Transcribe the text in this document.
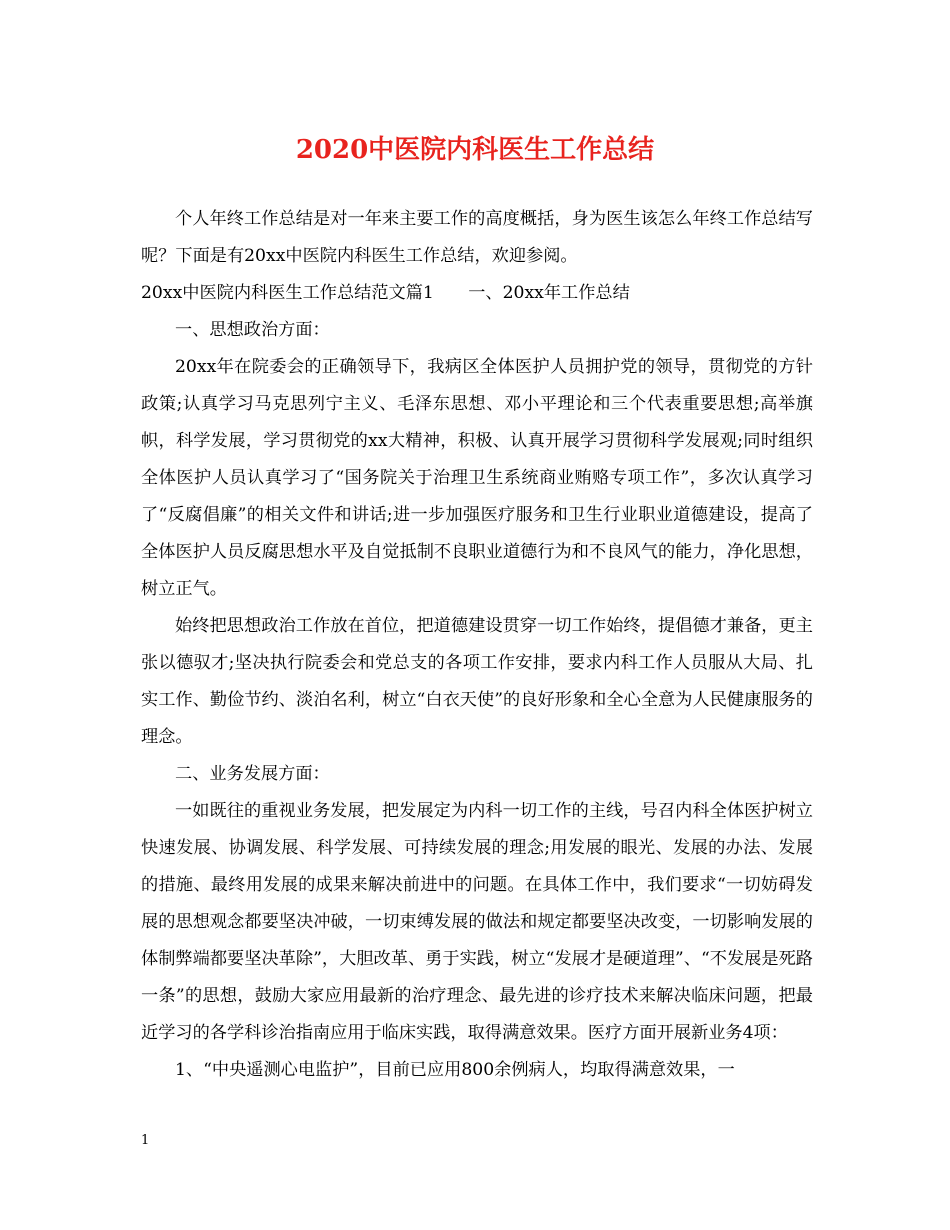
2020中医院内科医生工作总结

个人年终工作总结是对一年来主要工作的高度概括，身为医生该怎么年终工作总结写呢？下面是有20xx中医院内科医生工作总结，欢迎参阅。

20xx中医院内科医生工作总结范文篇1　　一、20xx年工作总结

一、思想政治方面：

20xx年在院委会的正确领导下，我病区全体医护人员拥护党的领导，贯彻党的方针政策;认真学习马克思列宁主义、毛泽东思想、邓小平理论和三个代表重要思想;高举旗帜，科学发展，学习贯彻党的xx大精神，积极、认真开展学习贯彻科学发展观;同时组织全体医护人员认真学习了“国务院关于治理卫生系统商业贿赂专项工作”，多次认真学习了“反腐倡廉”的相关文件和讲话;进一步加强医疗服务和卫生行业职业道德建设，提高了全体医护人员反腐思想水平及自觉抵制不良职业道德行为和不良风气的能力，净化思想，树立正气。

始终把思想政治工作放在首位，把道德建设贯穿一切工作始终，提倡德才兼备，更主张以德驭才;坚决执行院委会和党总支的各项工作安排，要求内科工作人员服从大局、扎实工作、勤俭节约、淡泊名利，树立“白衣天使”的良好形象和全心全意为人民健康服务的理念。

二、业务发展方面：

一如既往的重视业务发展，把发展定为内科一切工作的主线，号召内科全体医护树立快速发展、协调发展、科学发展、可持续发展的理念;用发展的眼光、发展的办法、发展的措施、最终用发展的成果来解决前进中的问题。在具体工作中，我们要求“一切妨碍发展的思想观念都要坚决冲破，一切束缚发展的做法和规定都要坚决改变，一切影响发展的体制弊端都要坚决革除”，大胆改革、勇于实践，树立“发展才是硬道理”、“不发展是死路一条”的思想，鼓励大家应用最新的治疗理念、最先进的诊疗技术来解决临床问题，把最近学习的各学科诊治指南应用于临床实践，取得满意效果。医疗方面开展新业务4项：

1、“中央遥测心电监护”，目前已应用800余例病人，均取得满意效果，一

1
